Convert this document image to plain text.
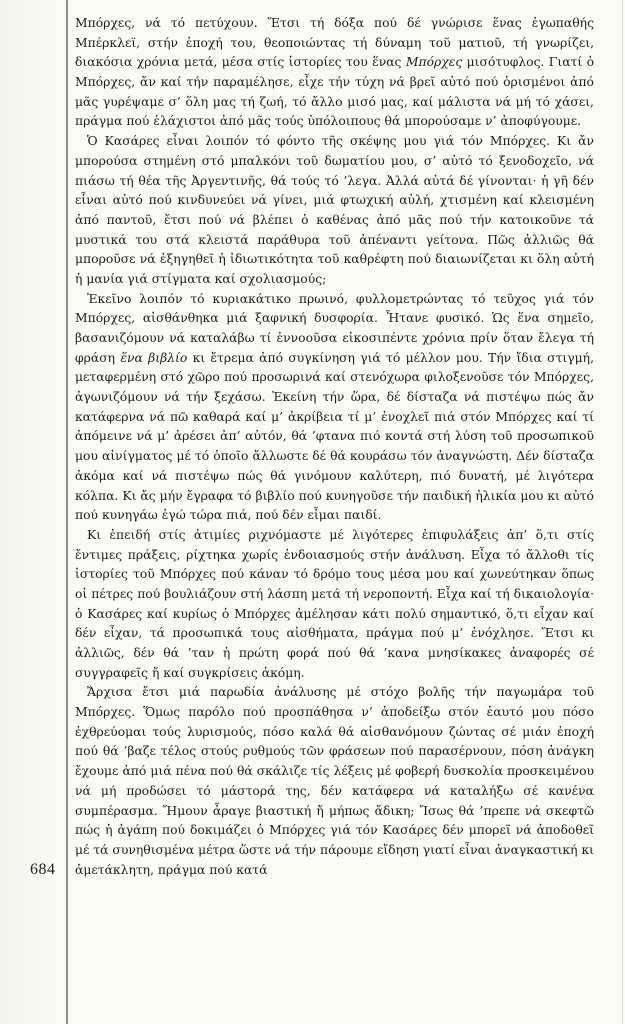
684

Μπόρχες, νά τό πετύχουν. Ἔτσι τή δόξα πού δέ γνώρισε ἕνας ἐγωπαθής Μπέρκλεϊ, στήν ἐποχή του, θεοποιώντας τή δύναμη τοῦ ματιοῦ, τή γνωρίζει, διακόσια χρόνια μετά, μέσα στίς ἱστορίες του ἕνας Μπόρχες μισότυφλος. Γιατί ὁ Μπόρχες, ἄν καί τήν παραμέλησε, εἶχε τήν τύχη νά βρεῖ αὐτό πού ὁρισμένοι ἀπό μᾶς γυρέψαμε σ’ ὅλη μας τή ζωή, τό ἄλλο μισό μας, καί μάλιστα νά μή τό χάσει, πράγμα πού ἐλάχιστοι ἀπό μᾶς τούς ὑπόλοιπους θά μπορούσαμε ν’ ἀποφύγουμε.

Ὁ Κασάρες εἶναι λοιπόν τό φόντο τῆς σκέψης μου γιά τόν Μπόρχες. Κι ἄν μπορούσα στημένη στό μπαλκόνι τοῦ δωματίου μου, σ’ αὐτό τό ξενοδοχεῖο, νά πιάσω τή θέα τῆς Ἀργεντινῆς, θά τούς τό ’λεγα. Ἀλλά αὐτά δέ γίνονται· ἡ γῆ δέν εἶναι αὐτό πού κινδυνεύει νά γίνει, μιά φτωχική αὐλή, χτισμένη καί κλεισμένη ἀπό παντοῦ, ἔτσι πού νά βλέπει ὁ καθένας ἀπό μᾶς πού τήν κατοικοῦνε τά μυστικά του στά κλειστά παράθυρα τοῦ ἀπέναντι γείτονα. Πῶς ἀλλιῶς θά μποροῦσε νά ἐξηγηθεῖ ἡ ἰδιωτικότητα τοῦ καθρέφτη πού διαιωνίζεται κι ὅλη αὐτή ἡ μανία γιά στίγματα καί σχολιασμούς;

Ἐκεῖνο λοιπόν τό κυριακάτικο πρωινό, φυλλομετρώντας τό τεῦχος γιά τόν Μπόρχες, αἰσθάνθηκα μιά ξαφνική δυσφορία. Ἦτανε φυσικό. Ὡς ἕνα σημεῖο, βασανιζόμουν νά καταλάβω τί ἐννοοῦσα εἰκοσιπέντε χρόνια πρίν ὅταν ἔλεγα τή φράση ἕνα βιβλίο κι ἔτρεμα ἀπό συγκίνηση γιά τό μέλλον μου. Τήν ἴδια στιγμή, μεταφερμένη στό χῶρο πού προσωρινά καί στενόχωρα φιλοξενοῦσε τόν Μπόρχες, ἀγωνιζόμουν νά τήν ξεχάσω. Ἐκείνη τήν ὥρα, δέ δίσταζα νά πιστέψω πώς ἄν κατάφερνα νά πῶ καθαρά καί μ’ ἀκρίβεια τί μ’ ἐνοχλεῖ πιά στόν Μπόρχες καί τί ἀπόμεινε νά μ’ ἀρέσει ἀπ’ αὐτόν, θά ’φτανα πιό κοντά στή λύση τοῦ προσωπικοῦ μου αἰνίγματος μέ τό ὁποῖο ἄλλωστε δέ θά κουράσω τόν ἀναγνώστη. Δέν δίσταζα ἀκόμα καί νά πιστέψω πώς θά γινόμουν καλύτερη, πιό δυνατή, μέ λιγότερα κόλπα. Κι ἄς μήν ἔγραφα τό βιβλίο πού κυνηγοῦσε τήν παιδική ἡλικία μου κι αὐτό πού κυνηγάω ἐγώ τώρα πιά, πού δέν εἶμαι παιδί.

Κι ἐπειδή στίς ἀτιμίες ριχνόμαστε μέ λιγότερες ἐπιφυλάξεις ἀπ’ ὅ,τι στίς ἔντιμες πράξεις, ρίχτηκα χωρίς ἐνδοιασμούς στήν ἀνάλυση. Εἶχα τό ἄλλοθι τίς ἱστορίες τοῦ Μπόρχες πού κάναν τό δρόμο τους μέσα μου καί χωνεύτηκαν ὅπως οἱ πέτρες πού βουλιάζουν στή λάσπη μετά τή νεροποντή. Εἶχα καί τή δικαιολογία· ὁ Κασάρες καί κυρίως ὁ Μπόρχες ἀμέλησαν κάτι πολύ σημαντικό, ὅ,τι εἶχαν καί δέν εἶχαν, τά προσωπικά τους αἰσθήματα, πράγμα πού μ’ ἐνόχλησε. Ἔτσι κι ἀλλιῶς, δέν θά ’ταν ἡ πρώτη φορά πού θά ’κανα μνησίκακες ἀναφορές σέ συγγραφεῖς ἤ καί συγκρίσεις ἀκόμη.

Ἄρχισα ἔτσι μιά παρωδία ἀνάλυσης μέ στόχο βολῆς τήν παγωμάρα τοῦ Μπόρχες. Ὅμως παρόλο πού προσπάθησα ν’ ἀποδείξω στόν ἑαυτό μου πόσο ἐχθρεύομαι τούς λυρισμούς, πόσο καλά θά αἰσθανόμουν ζώντας σέ μιάν ἐποχή πού θά ’βαζε τέλος στούς ρυθμούς τῶν φράσεων πού παρασέρνουν, πόση ἀνάγκη ἔχουμε ἀπό μιά πένα πού θά σκάλιζε τίς λέξεις μέ φοβερή δυσκολία προσκειμένου νά μή προδώσει τό μάστορά της, δέν κατάφερα νά καταλήξω σέ κανένα συμπέρασμα. Ἤμουν ἆραγε βιαστική ἤ μήπως ἄδικη; Ἴσως θά ’πρεπε νά σκεφτῶ πώς ἡ ἀγάπη πού δοκιμάζει ὁ Μπόρχες γιά τόν Κασάρες δέν μπορεῖ νά ἀποδοθεῖ μέ τά συνηθισμένα μέτρα ὥστε νά τήν πάρουμε εἴδηση γιατί εἶναι ἀναγκαστική κι ἀμετάκλητη, πράγμα πού κατά
